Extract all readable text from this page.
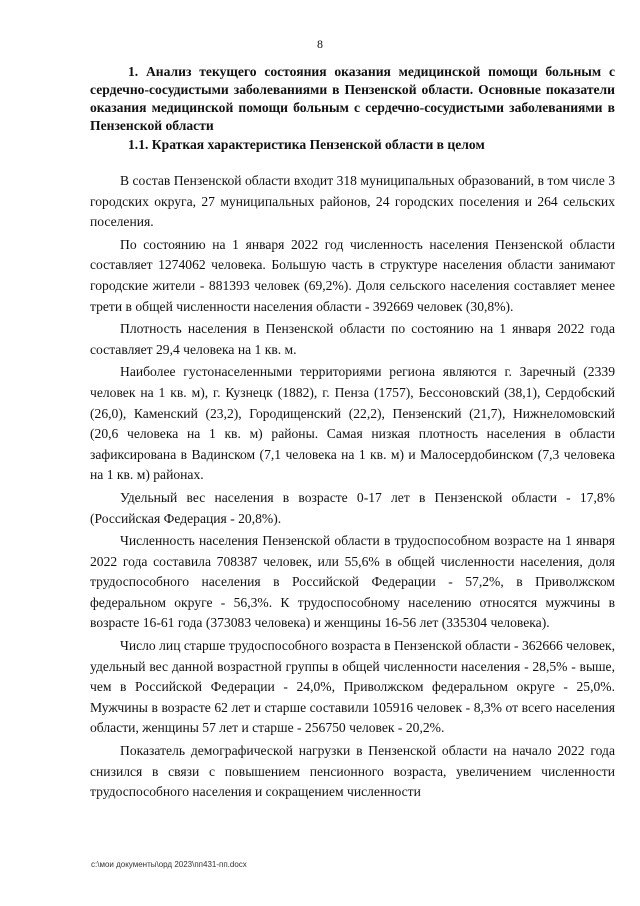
8
1. Анализ текущего состояния оказания медицинской помощи больным с сердечно-сосудистыми заболеваниями в Пензенской области. Основные показатели оказания медицинской помощи больным с сердечно-сосудистыми заболеваниями в Пензенской области
1.1. Краткая характеристика Пензенской области в целом

В состав Пензенской области входит 318 муниципальных образований, в том числе 3 городских округа, 27 муниципальных районов, 24 городских поселения и 264 сельских поселения.

По состоянию на 1 января 2022 год численность населения Пензенской области составляет 1274062 человека. Большую часть в структуре населения области занимают городские жители - 881393 человек (69,2%). Доля сельского населения составляет менее трети в общей численности населения области - 392669 человек (30,8%).

Плотность населения в Пензенской области по состоянию на 1 января 2022 года составляет 29,4 человека на 1 кв. м.

Наиболее густонаселенными территориями региона являются г. Заречный (2339 человек на 1 кв. м), г. Кузнецк (1882), г. Пенза (1757), Бессоновский (38,1), Сердобский (26,0), Каменский (23,2), Городищенский (22,2), Пензенский (21,7), Нижнеломовский (20,6 человека на 1 кв. м) районы. Самая низкая плотность населения в области зафиксирована в Вадинском (7,1 человека на 1 кв. м) и Малосердобинском (7,3 человека на 1 кв. м) районах.

Удельный вес населения в возрасте 0-17 лет в Пензенской области - 17,8% (Российская Федерация - 20,8%).

Численность населения Пензенской области в трудоспособном возрасте на 1 января 2022 года составила 708387 человек, или 55,6% в общей численности населения, доля трудоспособного населения в Российской Федерации - 57,2%, в Приволжском федеральном округе - 56,3%. К трудоспособному населению относятся мужчины в возрасте 16-61 года (373083 человека) и женщины 16-56 лет (335304 человека).

Число лиц старше трудоспособного возраста в Пензенской области - 362666 человек, удельный вес данной возрастной группы в общей численности населения - 28,5% - выше, чем в Российской Федерации - 24,0%, Приволжском федеральном округе - 25,0%. Мужчины в возрасте 62 лет и старше составили 105916 человек - 8,3% от всего населения области, женщины 57 лет и старше - 256750 человек - 20,2%.

Показатель демографической нагрузки в Пензенской области на начало 2022 года снизился в связи с повышением пенсионного возраста, увеличением численности трудоспособного населения и сокращением численности

c:\мои документы\орд 2023\пп431-пп.docx
